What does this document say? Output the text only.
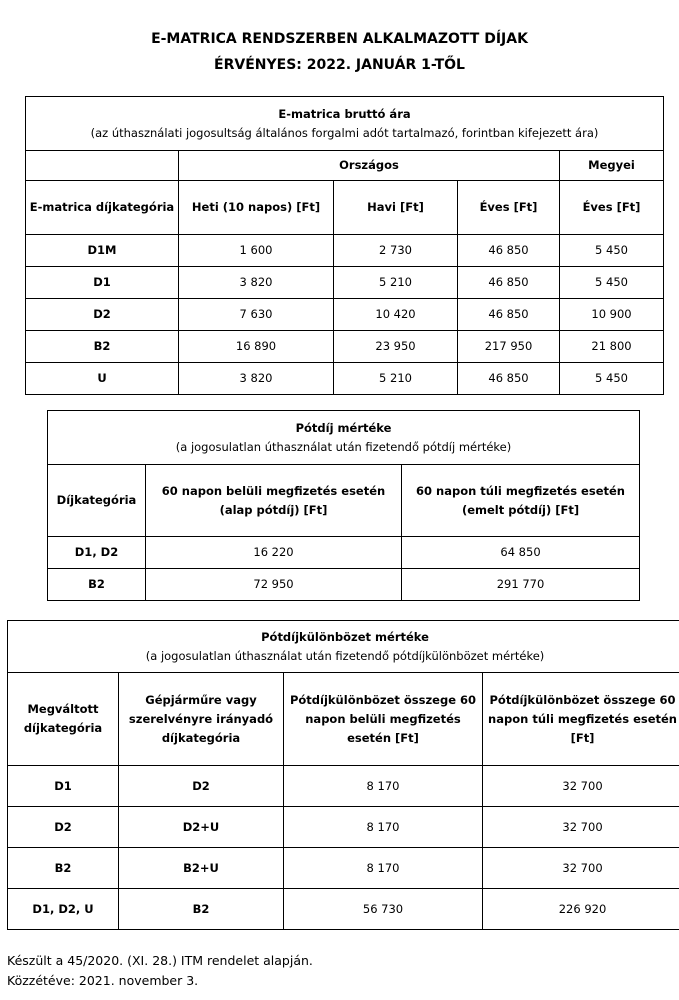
E-MATRICA RENDSZERBEN ALKALMAZOTT DÍJAK
ÉRVÉNYES: 2022. JANUÁR 1-TŐL
E-matrica bruttó ára
(az úthasználati jogosultság általános forgalmi adót tartalmazó, forintban kifejezett ára)				

	Országos			Megyei
E-matrica díjkategória	Heti (10 napos) [Ft]	Havi [Ft]	Éves [Ft]	Éves [Ft]
D1M	1 600	2 730	46 850	5 450
D1	3 820	5 210	46 850	5 450
D2	7 630	10 420	46 850	10 900
B2	16 890	23 950	217 950	21 800
U	3 820	5 210	46 850	5 450
Pótdíj mértéke
(a jogosulatlan úthasználat után fizetendő pótdíj mértéke)		

Díjkategória	60 napon belüli megfizetés esetén (alap pótdíj) [Ft]	60 napon túli megfizetés esetén (emelt pótdíj) [Ft]
D1, D2	16 220	64 850
B2	72 950	291 770
Pótdíjkülönbözet mértéke
(a jogosulatlan úthasználat után fizetendő pótdíjkülönbözet mértéke)			

Megváltott díjkategória	Gépjárműre vagy szerelvényre irányadó díjkategória	Pótdíjkülönbözet összege 60 napon belüli megfizetés esetén [Ft]	Pótdíjkülönbözet összege 60 napon túli megfizetés esetén [Ft]
D1	D2	8 170	32 700
D2	D2+U	8 170	32 700
B2	B2+U	8 170	32 700
D1, D2, U	B2	56 730	226 920
Készült a 45/2020. (XI. 28.) ITM rendelet alapján.
Közzétéve: 2021. november 3.
